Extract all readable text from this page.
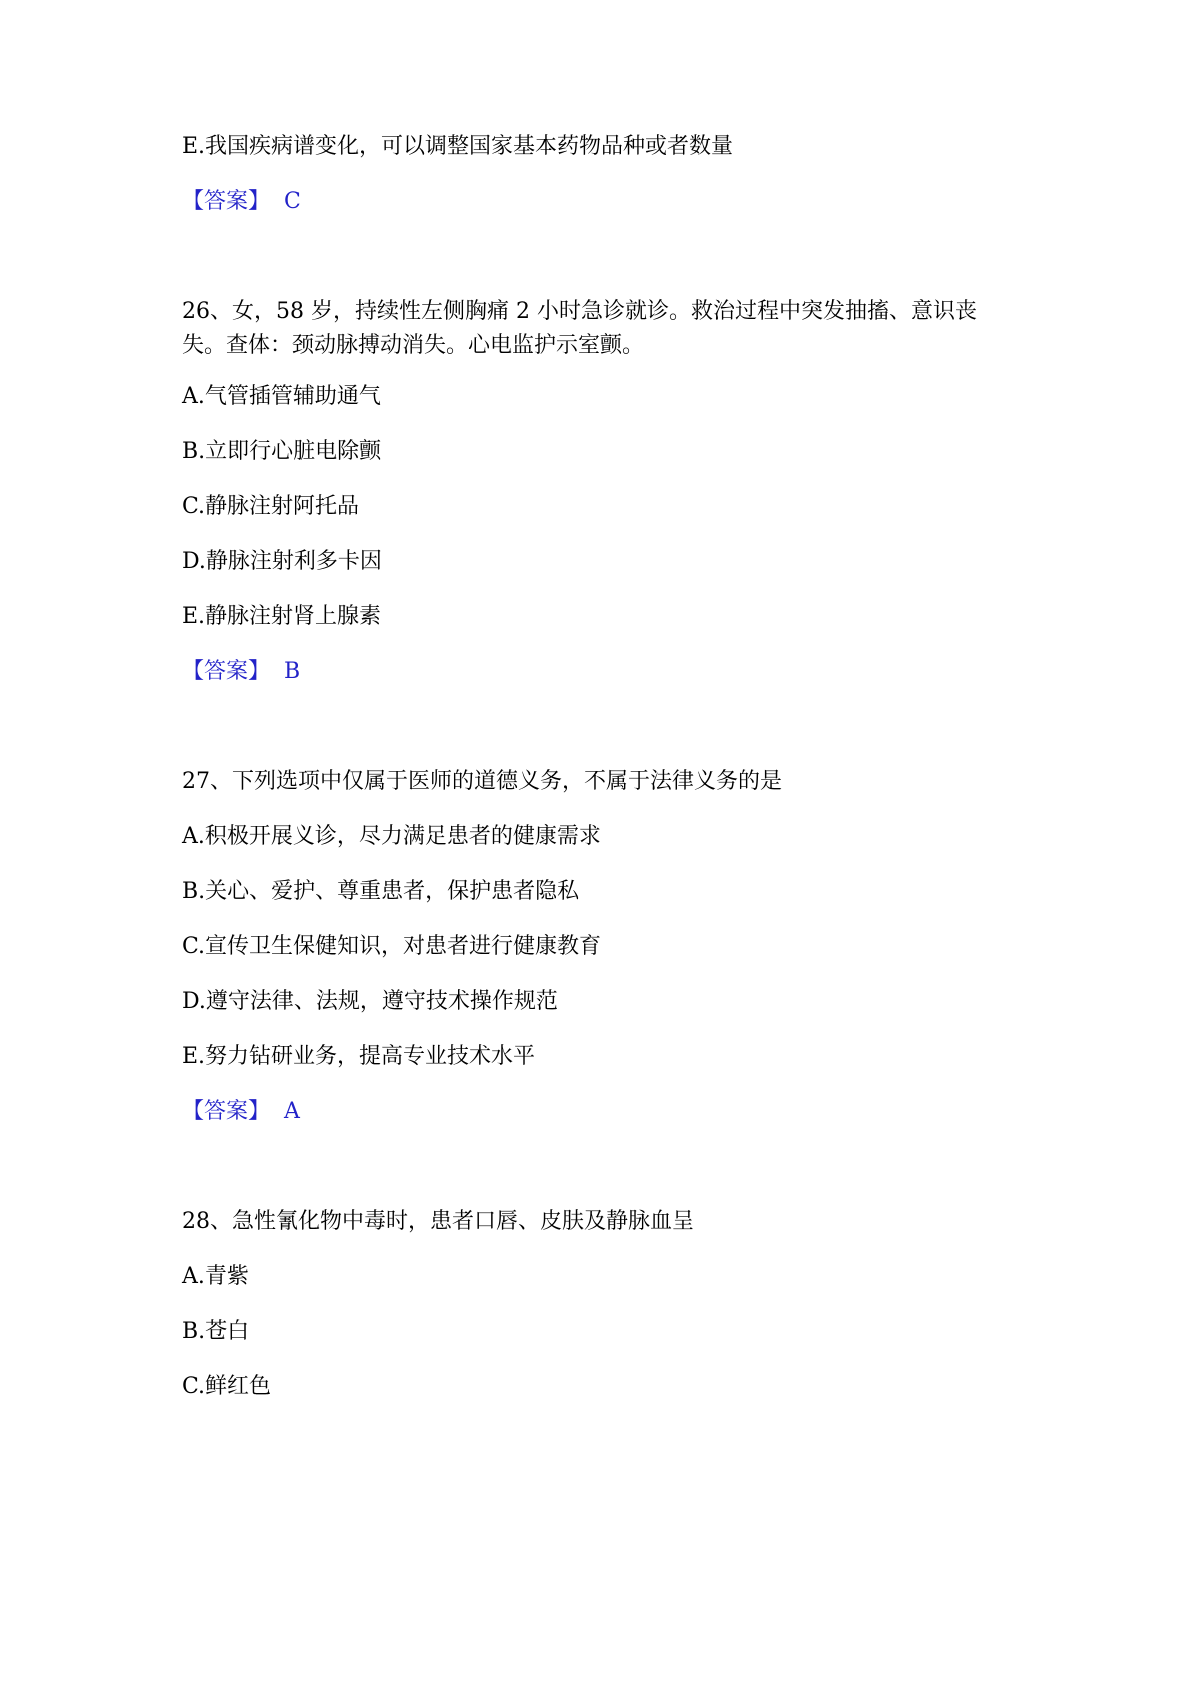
E.我国疾病谱变化，可以调整国家基本药物品种或者数量

【答案】 C

26、女，58 岁，持续性左侧胸痛 2 小时急诊就诊。救治过程中突发抽搐、意识丧失。查体：颈动脉搏动消失。心电监护示室颤。

A.气管插管辅助通气

B.立即行心脏电除颤

C.静脉注射阿托品

D.静脉注射利多卡因

E.静脉注射肾上腺素

【答案】 B

27、下列选项中仅属于医师的道德义务，不属于法律义务的是

A.积极开展义诊，尽力满足患者的健康需求

B.关心、爱护、尊重患者，保护患者隐私

C.宣传卫生保健知识，对患者进行健康教育

D.遵守法律、法规，遵守技术操作规范

E.努力钻研业务，提高专业技术水平

【答案】 A

28、急性氰化物中毒时，患者口唇、皮肤及静脉血呈

A.青紫

B.苍白

C.鲜红色
